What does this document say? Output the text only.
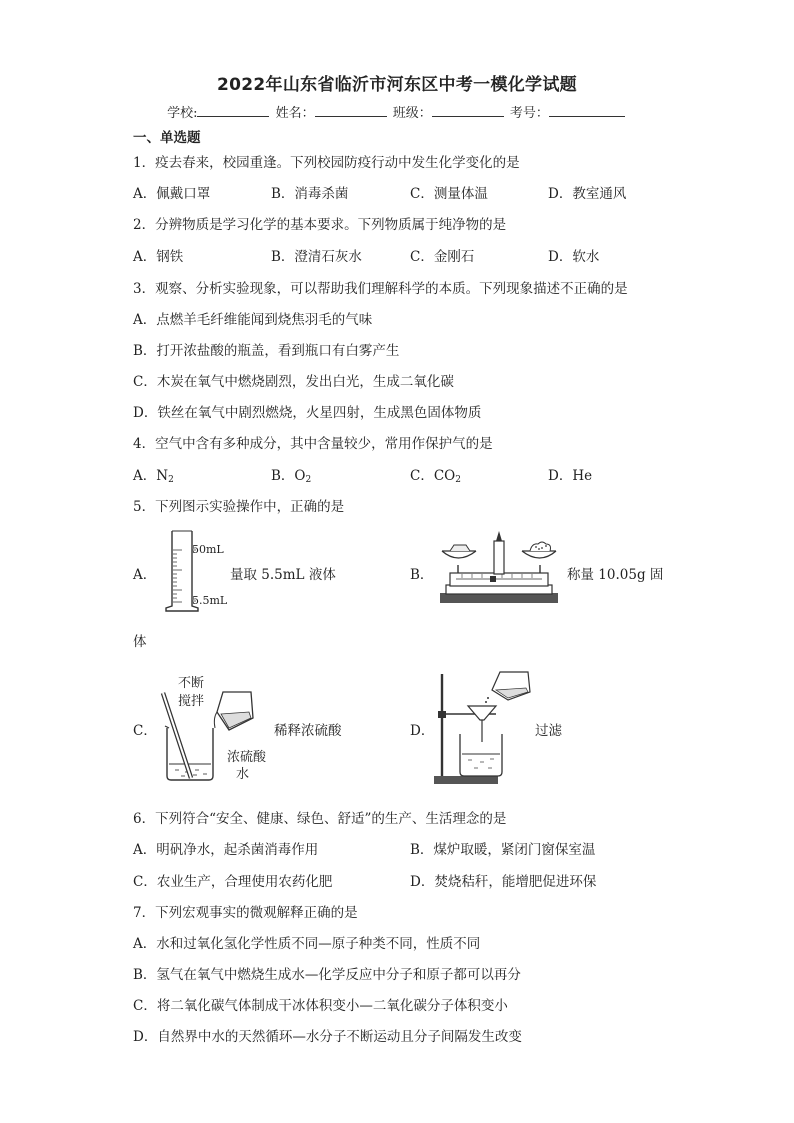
2022年山东省临沂市河东区中考一模化学试题
学校:	姓名：	班级：	考号：
一、单选题
1．疫去春来，校园重逢。下列校园防疫行动中发生化学变化的是
A．佩戴口罩	B．消毒杀菌	C．测量体温	D．教室通风
2．分辨物质是学习化学的基本要求。下列物质属于纯净物的是
A．钢铁	B．澄清石灰水	C．金刚石	D．软水
3．观察、分析实验现象，可以帮助我们理解科学的本质。下列现象描述不正确的是
A．点燃羊毛纤维能闻到烧焦羽毛的气味
B．打开浓盐酸的瓶盖，看到瓶口有白雾产生
C．木炭在氧气中燃烧剧烈，发出白光，生成二氧化碳
D．铁丝在氧气中剧烈燃烧，火星四射，生成黑色固体物质
4．空气中含有多种成分，其中含量较少，常用作保护气的是
A．$N_2$	B．$O_2$	C．$CO_2$	D．He
5．下列图示实验操作中，正确的是
A．
50mL
5.5mL
量取 5.5mL 液体	B．	称量 10.05g 固
体
C．
不断
搅拌
浓硫酸
水
稀释浓硫酸	D．	过滤
6．下列符合“安全、健康、绿色、舒适”的生产、生活理念的是
A．明矾净水，起杀菌消毒作用	B．煤炉取暖，紧闭门窗保室温
C．农业生产，合理使用农药化肥	D．焚烧秸秆，能增肥促进环保
7．下列宏观事实的微观解释正确的是
A．水和过氧化氢化学性质不同—原子种类不同，性质不同
B．氢气在氧气中燃烧生成水—化学反应中分子和原子都可以再分
C．将二氧化碳气体制成干冰体积变小—二氧化碳分子体积变小
D．自然界中水的天然循环—水分子不断运动且分子间隔发生改变
